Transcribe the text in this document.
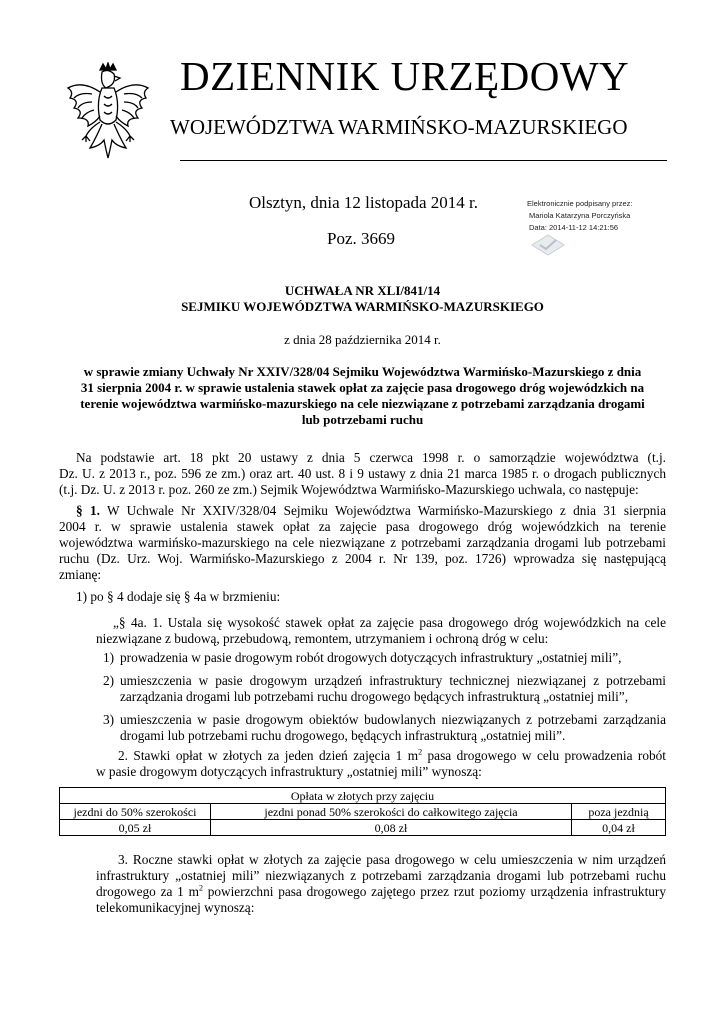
DZIENNIK URZĘDOWY
WOJEWÓDZTWA WARMIŃSKO-MAZURSKIEGO
Olsztyn, dnia 12 listopada 2014 r.
Poz. 3669
Elektronicznie podpisany przez:
Mariola Katarzyna Porczyńska
Data: 2014-11-12 14:21:56
UCHWAŁA NR XLI/841/14
SEJMIKU WOJEWÓDZTWA WARMIŃSKO-MAZURSKIEGO
z dnia 28 października 2014 r.
w sprawie zmiany Uchwały Nr XXIV/328/04 Sejmiku Województwa Warmińsko-Mazurskiego z dnia
31 sierpnia 2004 r. w sprawie ustalenia stawek opłat za zajęcie pasa drogowego dróg wojewódzkich na
terenie województwa warmińsko-mazurskiego na cele niezwiązane z potrzebami zarządzania drogami
lub potrzebami ruchu
Na podstawie art. 18 pkt 20 ustawy z dnia 5 czerwca 1998 r. o samorządzie województwa (t.j.
Dz. U. z 2013 r., poz. 596 ze zm.) oraz art. 40 ust. 8 i 9 ustawy z dnia 21 marca 1985 r. o drogach publicznych
(t.j. Dz. U. z 2013 r. poz. 260 ze zm.) Sejmik Województwa Warmińsko-Mazurskiego uchwala, co następuje:
§ 1. W Uchwale Nr XXIV/328/04 Sejmiku Województwa Warmińsko-Mazurskiego z dnia 31 sierpnia
2004 r. w sprawie ustalenia stawek opłat za zajęcie pasa drogowego dróg wojewódzkich na terenie
województwa warmińsko-mazurskiego na cele niezwiązane z potrzebami zarządzania drogami lub potrzebami
ruchu (Dz. Urz. Woj. Warmińsko-Mazurskiego z 2004 r. Nr 139, poz. 1726) wprowadza się następującą
zmianę:
1) po § 4 dodaje się § 4a w brzmieniu:
„§ 4a. 1. Ustala się wysokość stawek opłat za zajęcie pasa drogowego dróg wojewódzkich na cele
niezwiązane z budową, przebudową, remontem, utrzymaniem i ochroną dróg w celu:
1) prowadzenia w pasie drogowym robót drogowych dotyczących infrastruktury „ostatniej mili”,
2) umieszczenia w pasie drogowym urządzeń infrastruktury technicznej niezwiązanej z potrzebami
zarządzania drogami lub potrzebami ruchu drogowego będących infrastrukturą „ostatniej mili”,
3) umieszczenia w pasie drogowym obiektów budowlanych niezwiązanych z potrzebami zarządzania
drogami lub potrzebami ruchu drogowego, będących infrastrukturą „ostatniej mili”.
2. Stawki opłat w złotych za jeden dzień zajęcia 1 $m^2$ pasa drogowego w celu prowadzenia robót
w pasie drogowym dotyczących infrastruktury „ostatniej mili” wynoszą:
Opłata w złotych przy zajęciu		
jezdni do 50% szerokości	jezdni ponad 50% szerokości do całkowitego zajęcia	poza jezdnią
0,05 zł	0,08 zł	0,04 zł
3. Roczne stawki opłat w złotych za zajęcie pasa drogowego w celu umieszczenia w nim urządzeń
infrastruktury „ostatniej mili” niezwiązanych z potrzebami zarządzania drogami lub potrzebami ruchu
drogowego za 1 $m^2$ powierzchni pasa drogowego zajętego przez rzut poziomy urządzenia infrastruktury
telekomunikacyjnej wynoszą:
